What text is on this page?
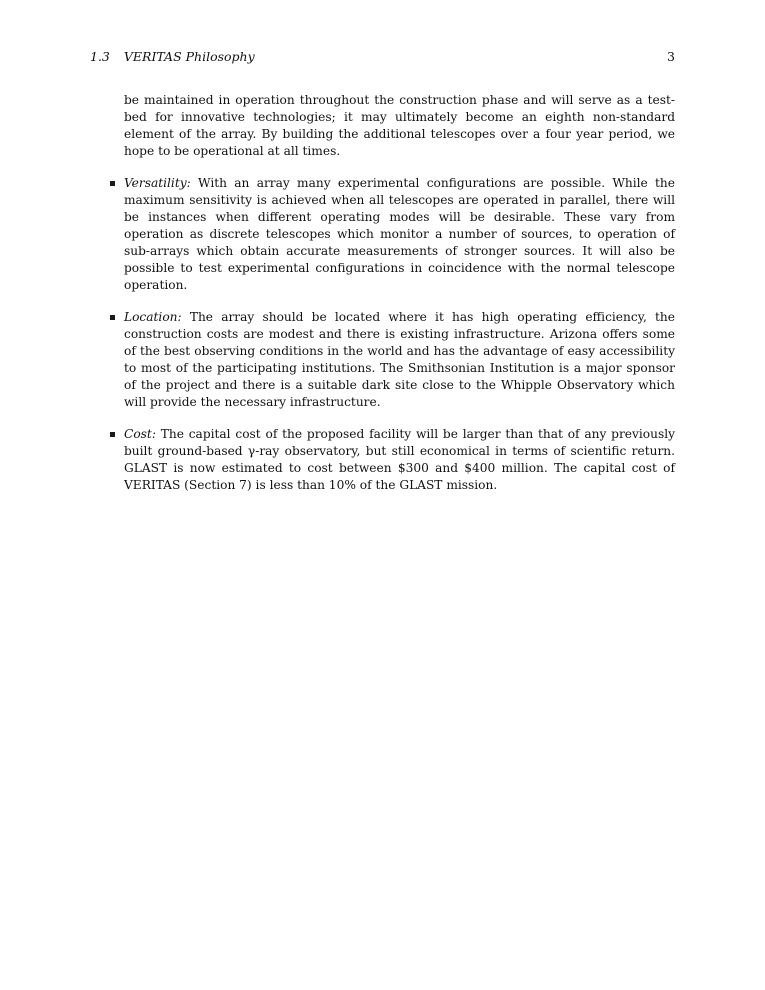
1.3 VERITAS Philosophy	3

be maintained in operation throughout the construction phase and will serve as a test-bed for innovative technologies; it may ultimately become an eighth non-standard element of the array. By building the additional telescopes over a four year period, we hope to be operational at all times.

Versatility: With an array many experimental configurations are possible. While the maximum sensitivity is achieved when all telescopes are operated in parallel, there will be instances when different operating modes will be desirable. These vary from operation as discrete telescopes which monitor a number of sources, to operation of sub-arrays which obtain accurate measurements of stronger sources. It will also be possible to test experimental configurations in coincidence with the normal telescope operation.
Location: The array should be located where it has high operating efficiency, the construction costs are modest and there is existing infrastructure. Arizona offers some of the best observing conditions in the world and has the advantage of easy accessibility to most of the participating institutions. The Smithsonian Institution is a major sponsor of the project and there is a suitable dark site close to the Whipple Observatory which will provide the necessary infrastructure.
Cost: The capital cost of the proposed facility will be larger than that of any previously built ground-based γ-ray observatory, but still economical in terms of scientific return. GLAST is now estimated to cost between $300 and $400 million. The capital cost of VERITAS (Section 7) is less than 10% of the GLAST mission.
